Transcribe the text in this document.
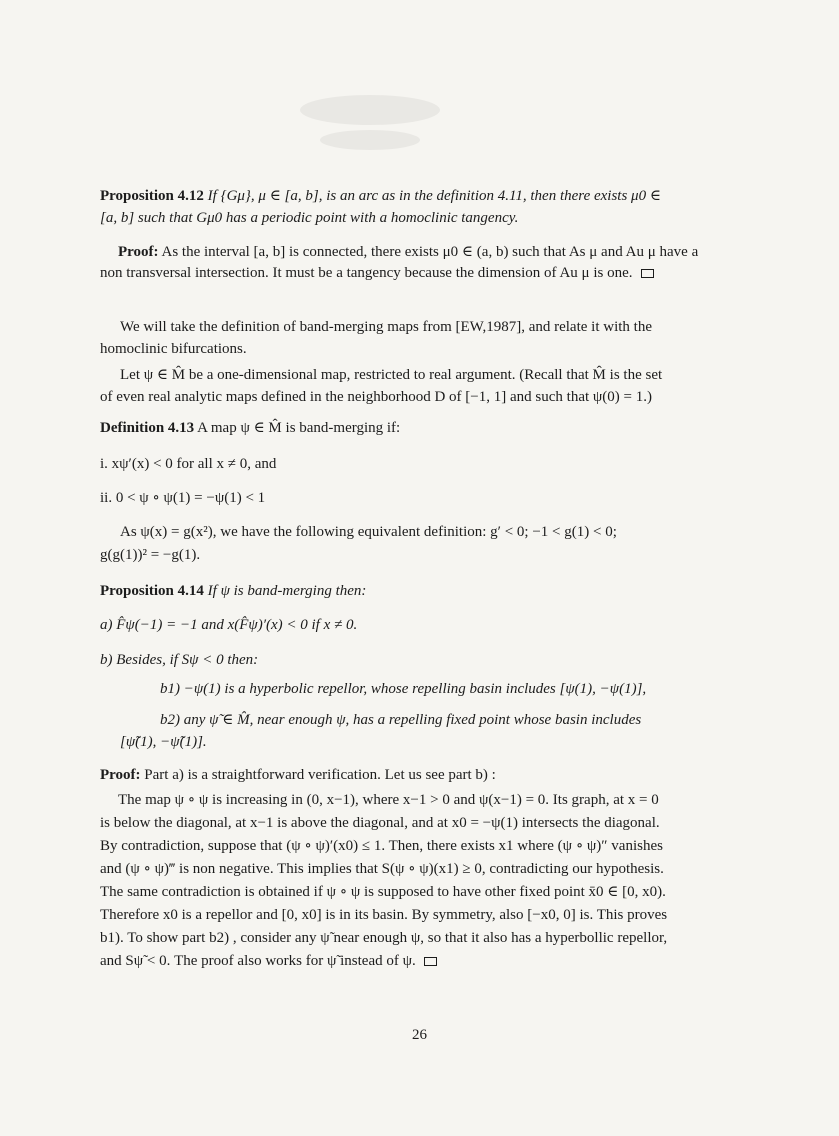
Proposition 4.12 If {Gμ}, μ ∈ [a, b], is an arc as in the definition 4.11, then there exists μ0 ∈
[a, b] such that Gμ0 has a periodic point with a homoclinic tangency.
Proof: As the interval [a, b] is connected, there exists μ0 ∈ (a, b) such that As μ and Au μ have a
non transversal intersection. It must be a tangency because the dimension of Au μ is one.
We will take the definition of band-merging maps from [EW,1987], and relate it with the
homoclinic bifurcations.
Let ψ ∈ M̂ be a one-dimensional map, restricted to real argument. (Recall that M̂ is the set
of even real analytic maps defined in the neighborhood D of [−1, 1] and such that ψ(0) = 1.)
Definition 4.13 A map ψ ∈ M̂ is band-merging if:
i. xψ′(x) < 0 for all x ≠ 0, and
ii. 0 < ψ ∘ ψ(1) = −ψ(1) < 1
As ψ(x) = g(x²), we have the following equivalent definition: g′ < 0; −1 < g(1) < 0;
g(g(1))² = −g(1).
Proposition 4.14 If ψ is band-merging then:
a) F̂ψ(−1) = −1 and x(F̂ψ)′(x) < 0 if x ≠ 0.
b) Besides, if Sψ < 0 then:
b1) −ψ(1) is a hyperbolic repellor, whose repelling basin includes [ψ(1), −ψ(1)],
b2) any ψ̃ ∈ M̂, near enough ψ, has a repelling fixed point whose basin includes
[ψ̃(1), −ψ̃(1)].
Proof: Part a) is a straightforward verification. Let us see part b) :
The map ψ ∘ ψ is increasing in (0, x−1), where x−1 > 0 and ψ(x−1) = 0. Its graph, at x = 0
is below the diagonal, at x−1 is above the diagonal, and at x0 = −ψ(1) intersects the diagonal.
By contradiction, suppose that (ψ ∘ ψ)′(x0) ≤ 1. Then, there exists x1 where (ψ ∘ ψ)″ vanishes
and (ψ ∘ ψ)‴ is non negative. This implies that S(ψ ∘ ψ)(x1) ≥ 0, contradicting our hypothesis.
The same contradiction is obtained if ψ ∘ ψ is supposed to have other fixed point x̄0 ∈ [0, x0).
Therefore x0 is a repellor and [0, x0] is in its basin. By symmetry, also [−x0, 0] is. This proves
b1). To show part b2) , consider any ψ̃ near enough ψ, so that it also has a hyperbollic repellor,
and Sψ̃ < 0. The proof also works for ψ̃ instead of ψ.
26
